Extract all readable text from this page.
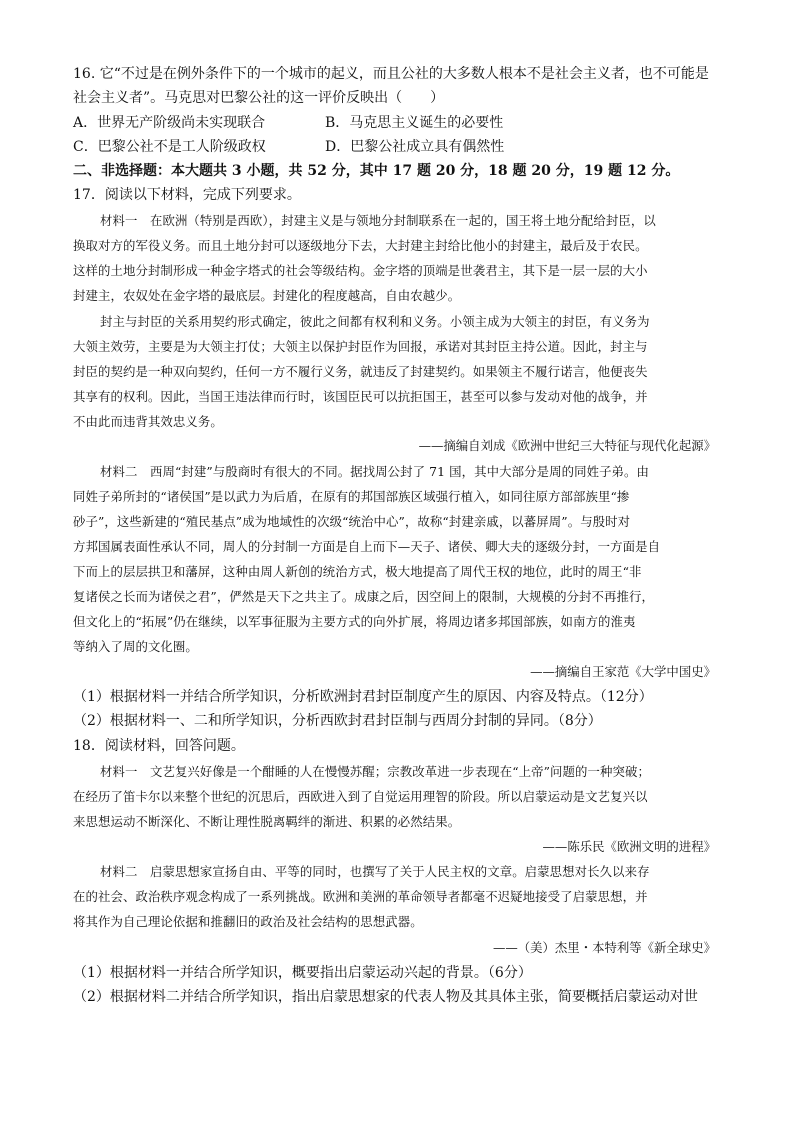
16. 它“不过是在例外条件下的一个城市的起义，而且公社的大多数人根本不是社会主义者，也不可能是
社会主义者”。马克思对巴黎公社的这一评价反映出（　　）
A．世界无产阶级尚未实现联合	B．马克思主义诞生的必要性
C．巴黎公社不是工人阶级政权	D．巴黎公社成立具有偶然性
二、非选择题：本大题共 3 小题，共 52 分，其中 17 题 20 分，18 题 20 分，19 题 12 分。
17．阅读以下材料，完成下列要求。
材料一　在欧洲（特别是西欧），封建主义是与领地分封制联系在一起的，国王将土地分配给封臣，以
换取对方的军役义务。而且土地分封可以逐级地分下去，大封建主封给比他小的封建主，最后及于农民。
这样的土地分封制形成一种金字塔式的社会等级结构。金字塔的顶端是世袭君主，其下是一层一层的大小
封建主，农奴处在金字塔的最底层。封建化的程度越高，自由农越少。
封主与封臣的关系用契约形式确定，彼此之间都有权利和义务。小领主成为大领主的封臣，有义务为
大领主效劳，主要是为大领主打仗；大领主以保护封臣作为回报，承诺对其封臣主持公道。因此，封主与
封臣的契约是一种双向契约，任何一方不履行义务，就违反了封建契约。如果领主不履行诺言，他便丧失
其享有的权利。因此，当国王违法律而行时，该国臣民可以抗拒国王，甚至可以参与发动对他的战争，并
不由此而违背其效忠义务。
——摘编自刘成《欧洲中世纪三大特征与现代化起源》
材料二　西周“封建”与殷商时有很大的不同。据找周公封了 71 国，其中大部分是周的同姓子弟。由
同姓子弟所封的“诸侯国”是以武力为后盾，在原有的邦国部族区域强行植入，如同往原方部部族里“掺
砂子”，这些新建的“殖民基点”成为地域性的次级“统治中心”，故称“封建亲戚，以蕃屏周”。与殷时对
方邦国属表面性承认不同，周人的分封制一方面是自上而下—天子、诸侯、卿大夫的逐级分封，一方面是自
下而上的层层拱卫和藩屏，这种由周人新创的统治方式，极大地提高了周代王权的地位，此时的周王“非
复诸侯之长而为诸侯之君”，俨然是天下之共主了。成康之后，因空间上的限制，大规模的分封不再推行，
但文化上的“拓展”仍在继续，以军事征服为主要方式的向外扩展，将周边诸多邦国部族，如南方的淮夷
等纳入了周的文化圈。
——摘编自王家范《大学中国史》
（1）根据材料一并结合所学知识，分析欧洲封君封臣制度产生的原因、内容及特点。（12分）
（2）根据材料一、二和所学知识，分析西欧封君封臣制与西周分封制的异同。（8分）
18．阅读材料，回答问题。
材料一　文艺复兴好像是一个酣睡的人在慢慢苏醒；宗教改革进一步表现在“上帝”问题的一种突破；
在经历了笛卡尔以来整个世纪的沉思后，西欧进入到了自觉运用理智的阶段。所以启蒙运动是文艺复兴以
来思想运动不断深化、不断让理性脱离羁绊的渐进、积累的必然结果。
——陈乐民《欧洲文明的进程》
材料二　启蒙思想家宣扬自由、平等的同时，也撰写了关于人民主权的文章。启蒙思想对长久以来存
在的社会、政治秩序观念构成了一系列挑战。欧洲和美洲的革命领导者都毫不迟疑地接受了启蒙思想，并
将其作为自己理论依据和推翻旧的政治及社会结构的思想武器。
——（美）杰里・本特利等《新全球史》
（1）根据材料一并结合所学知识，概要指出启蒙运动兴起的背景。（6分）
（2）根据材料二并结合所学知识，指出启蒙思想家的代表人物及其具体主张，简要概括启蒙运动对世
